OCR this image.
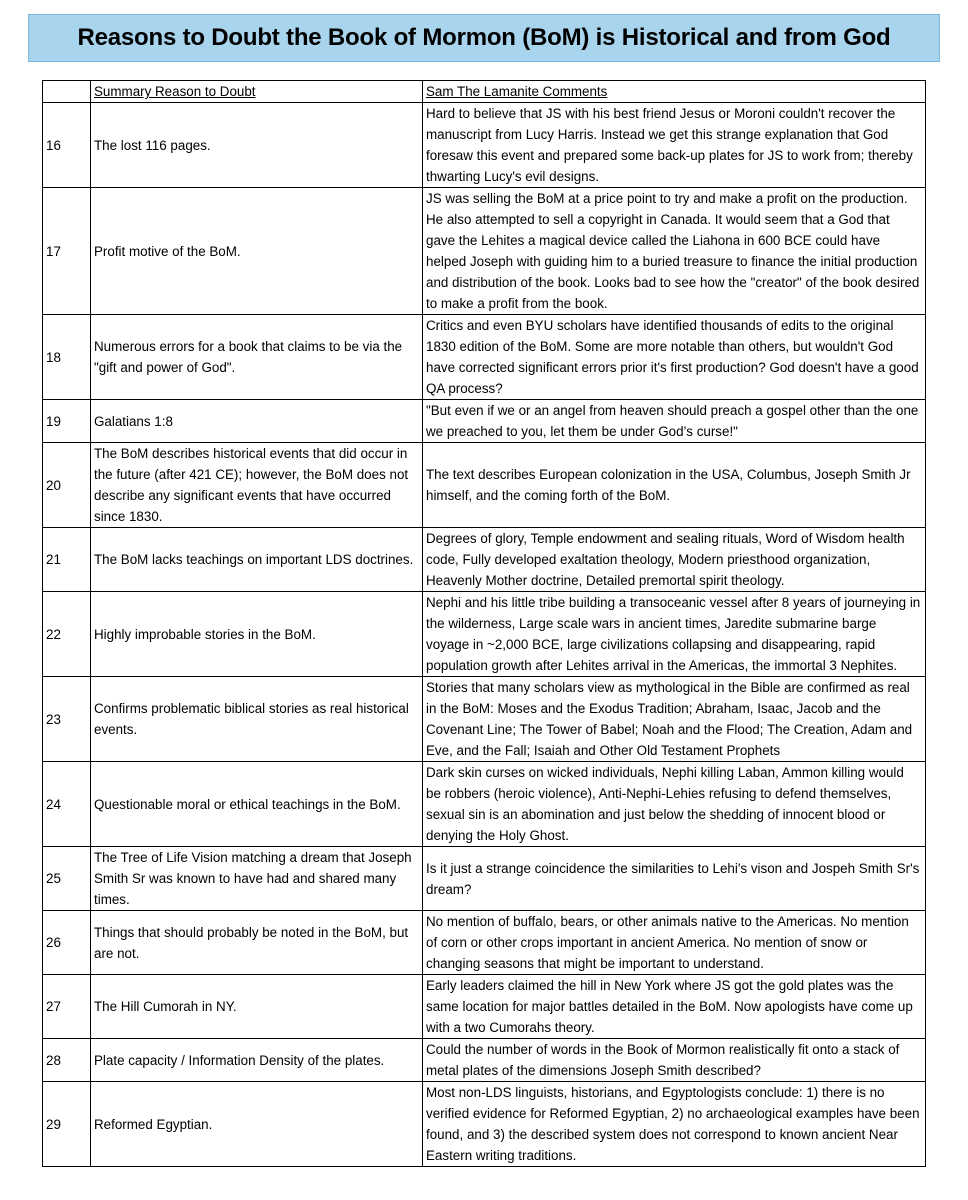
Reasons to Doubt the Book of Mormon (BoM) is Historical and from God
	Summary Reason to Doubt	Sam The Lamanite Comments
16	The lost 116 pages.	Hard to believe that JS with his best friend Jesus or Moroni couldn't recover the manuscript from Lucy Harris. Instead we get this strange explanation that God foresaw this event and prepared some back-up plates for JS to work from; thereby thwarting Lucy's evil designs.
17	Profit motive of the BoM.	JS was selling the BoM at a price point to try and make a profit on the production. He also attempted to sell a copyright in Canada. It would seem that a God that gave the Lehites a magical device called the Liahona in 600 BCE could have helped Joseph with guiding him to a buried treasure to finance the initial production and distribution of the book. Looks bad to see how the "creator" of the book desired to make a profit from the book.
18	Numerous errors for a book that claims to be via the "gift and power of God".	Critics and even BYU scholars have identified thousands of edits to the original 1830 edition of the BoM. Some are more notable than others, but wouldn't God have corrected significant errors prior it's first production? God doesn't have a good QA process?
19	Galatians 1:8	"But even if we or an angel from heaven should preach a gospel other than the one we preached to you, let them be under God’s curse!"
20	The BoM describes historical events that did occur in the future (after 421 CE); however, the BoM does not describe any significant events that have occurred since 1830.	The text describes European colonization in the USA, Columbus, Joseph Smith Jr himself, and the coming forth of the BoM.
21	The BoM lacks teachings on important LDS doctrines.	Degrees of glory, Temple endowment and sealing rituals, Word of Wisdom health code, Fully developed exaltation theology, Modern priesthood organization, Heavenly Mother doctrine, Detailed premortal spirit theology.
22	Highly improbable stories in the BoM.	Nephi and his little tribe building a transoceanic vessel after 8 years of journeying in the wilderness, Large scale wars in ancient times, Jaredite submarine barge voyage in ~2,000 BCE, large civilizations collapsing and disappearing, rapid population growth after Lehites arrival in the Americas, the immortal 3 Nephites.
23	Confirms problematic biblical stories as real historical events.	Stories that many scholars view as mythological in the Bible are confirmed as real in the BoM: Moses and the Exodus Tradition; Abraham, Isaac, Jacob and the Covenant Line; The Tower of Babel; Noah and the Flood; The Creation, Adam and Eve, and the Fall; Isaiah and Other Old Testament Prophets
24	Questionable moral or ethical teachings in the BoM.	Dark skin curses on wicked individuals, Nephi killing Laban, Ammon killing would be robbers (heroic violence), Anti-Nephi-Lehies refusing to defend themselves, sexual sin is an abomination and just below the shedding of innocent blood or denying the Holy Ghost.
25	The Tree of Life Vision matching a dream that Joseph Smith Sr was known to have had and shared many times.	Is it just a strange coincidence the similarities to Lehi's vison and Jospeh Smith Sr's dream?
26	Things that should probably be noted in the BoM, but are not.	No mention of buffalo, bears, or other animals native to the Americas. No mention of corn or other crops important in ancient America. No mention of snow or changing seasons that might be important to understand.
27	The Hill Cumorah in NY.	Early leaders claimed the hill in New York where JS got the gold plates was the same location for major battles detailed in the BoM. Now apologists have come up with a two Cumorahs theory.
28	Plate capacity / Information Density of the plates.	Could the number of words in the Book of Mormon realistically fit onto a stack of metal plates of the dimensions Joseph Smith described?
29	Reformed Egyptian.	Most non-LDS linguists, historians, and Egyptologists conclude: 1) there is no verified evidence for Reformed Egyptian, 2) no archaeological examples have been found, and 3) the described system does not correspond to known ancient Near Eastern writing traditions.
